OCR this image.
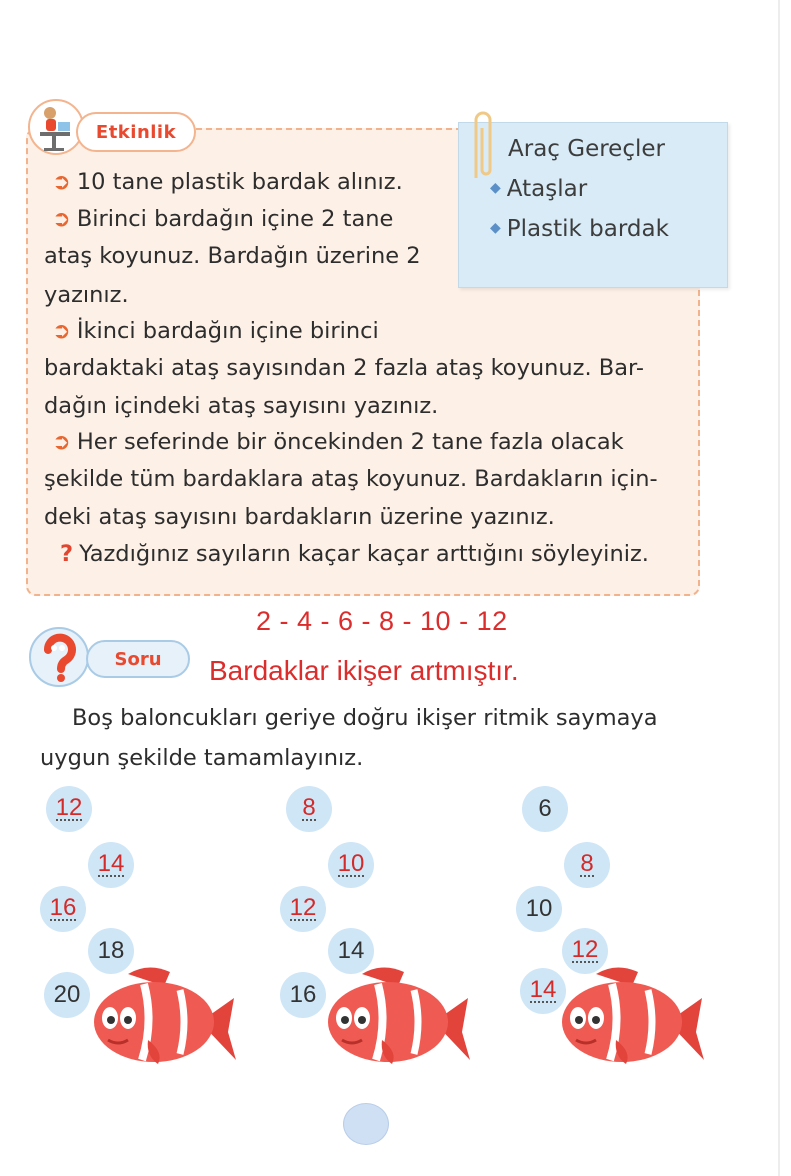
Etkinlik
Araç Gereçler
◆ Ataşlar
◆ Plastik bardak
➲ 10 tane plastik bardak alınız.
➲ Birinci bardağın içine 2 tane
ataş koyunuz. Bardağın üzerine 2
yazınız.
➲ İkinci bardağın içine birinci
bardaktaki ataş sayısından 2 fazla ataş koyunuz. Bar-
dağın içindeki ataş sayısını yazınız.
➲ Her seferinde bir öncekinden 2 tane fazla olacak
şekilde tüm bardaklara ataş koyunuz. Bardakların için-
deki ataş sayısını bardakların üzerine yazınız.
? Yazdığınız sayıların kaçar kaçar arttığını söyleyiniz.
2 - 4 - 6 - 8 - 10 - 12
Bardaklar ikişer artmıştır.
Soru
Boş baloncukları geriye doğru ikişer ritmik saymaya
uygun şekilde tamamlayınız.
12
14
16
18
20
8
10
12
14
16
6
8
10
12
14
